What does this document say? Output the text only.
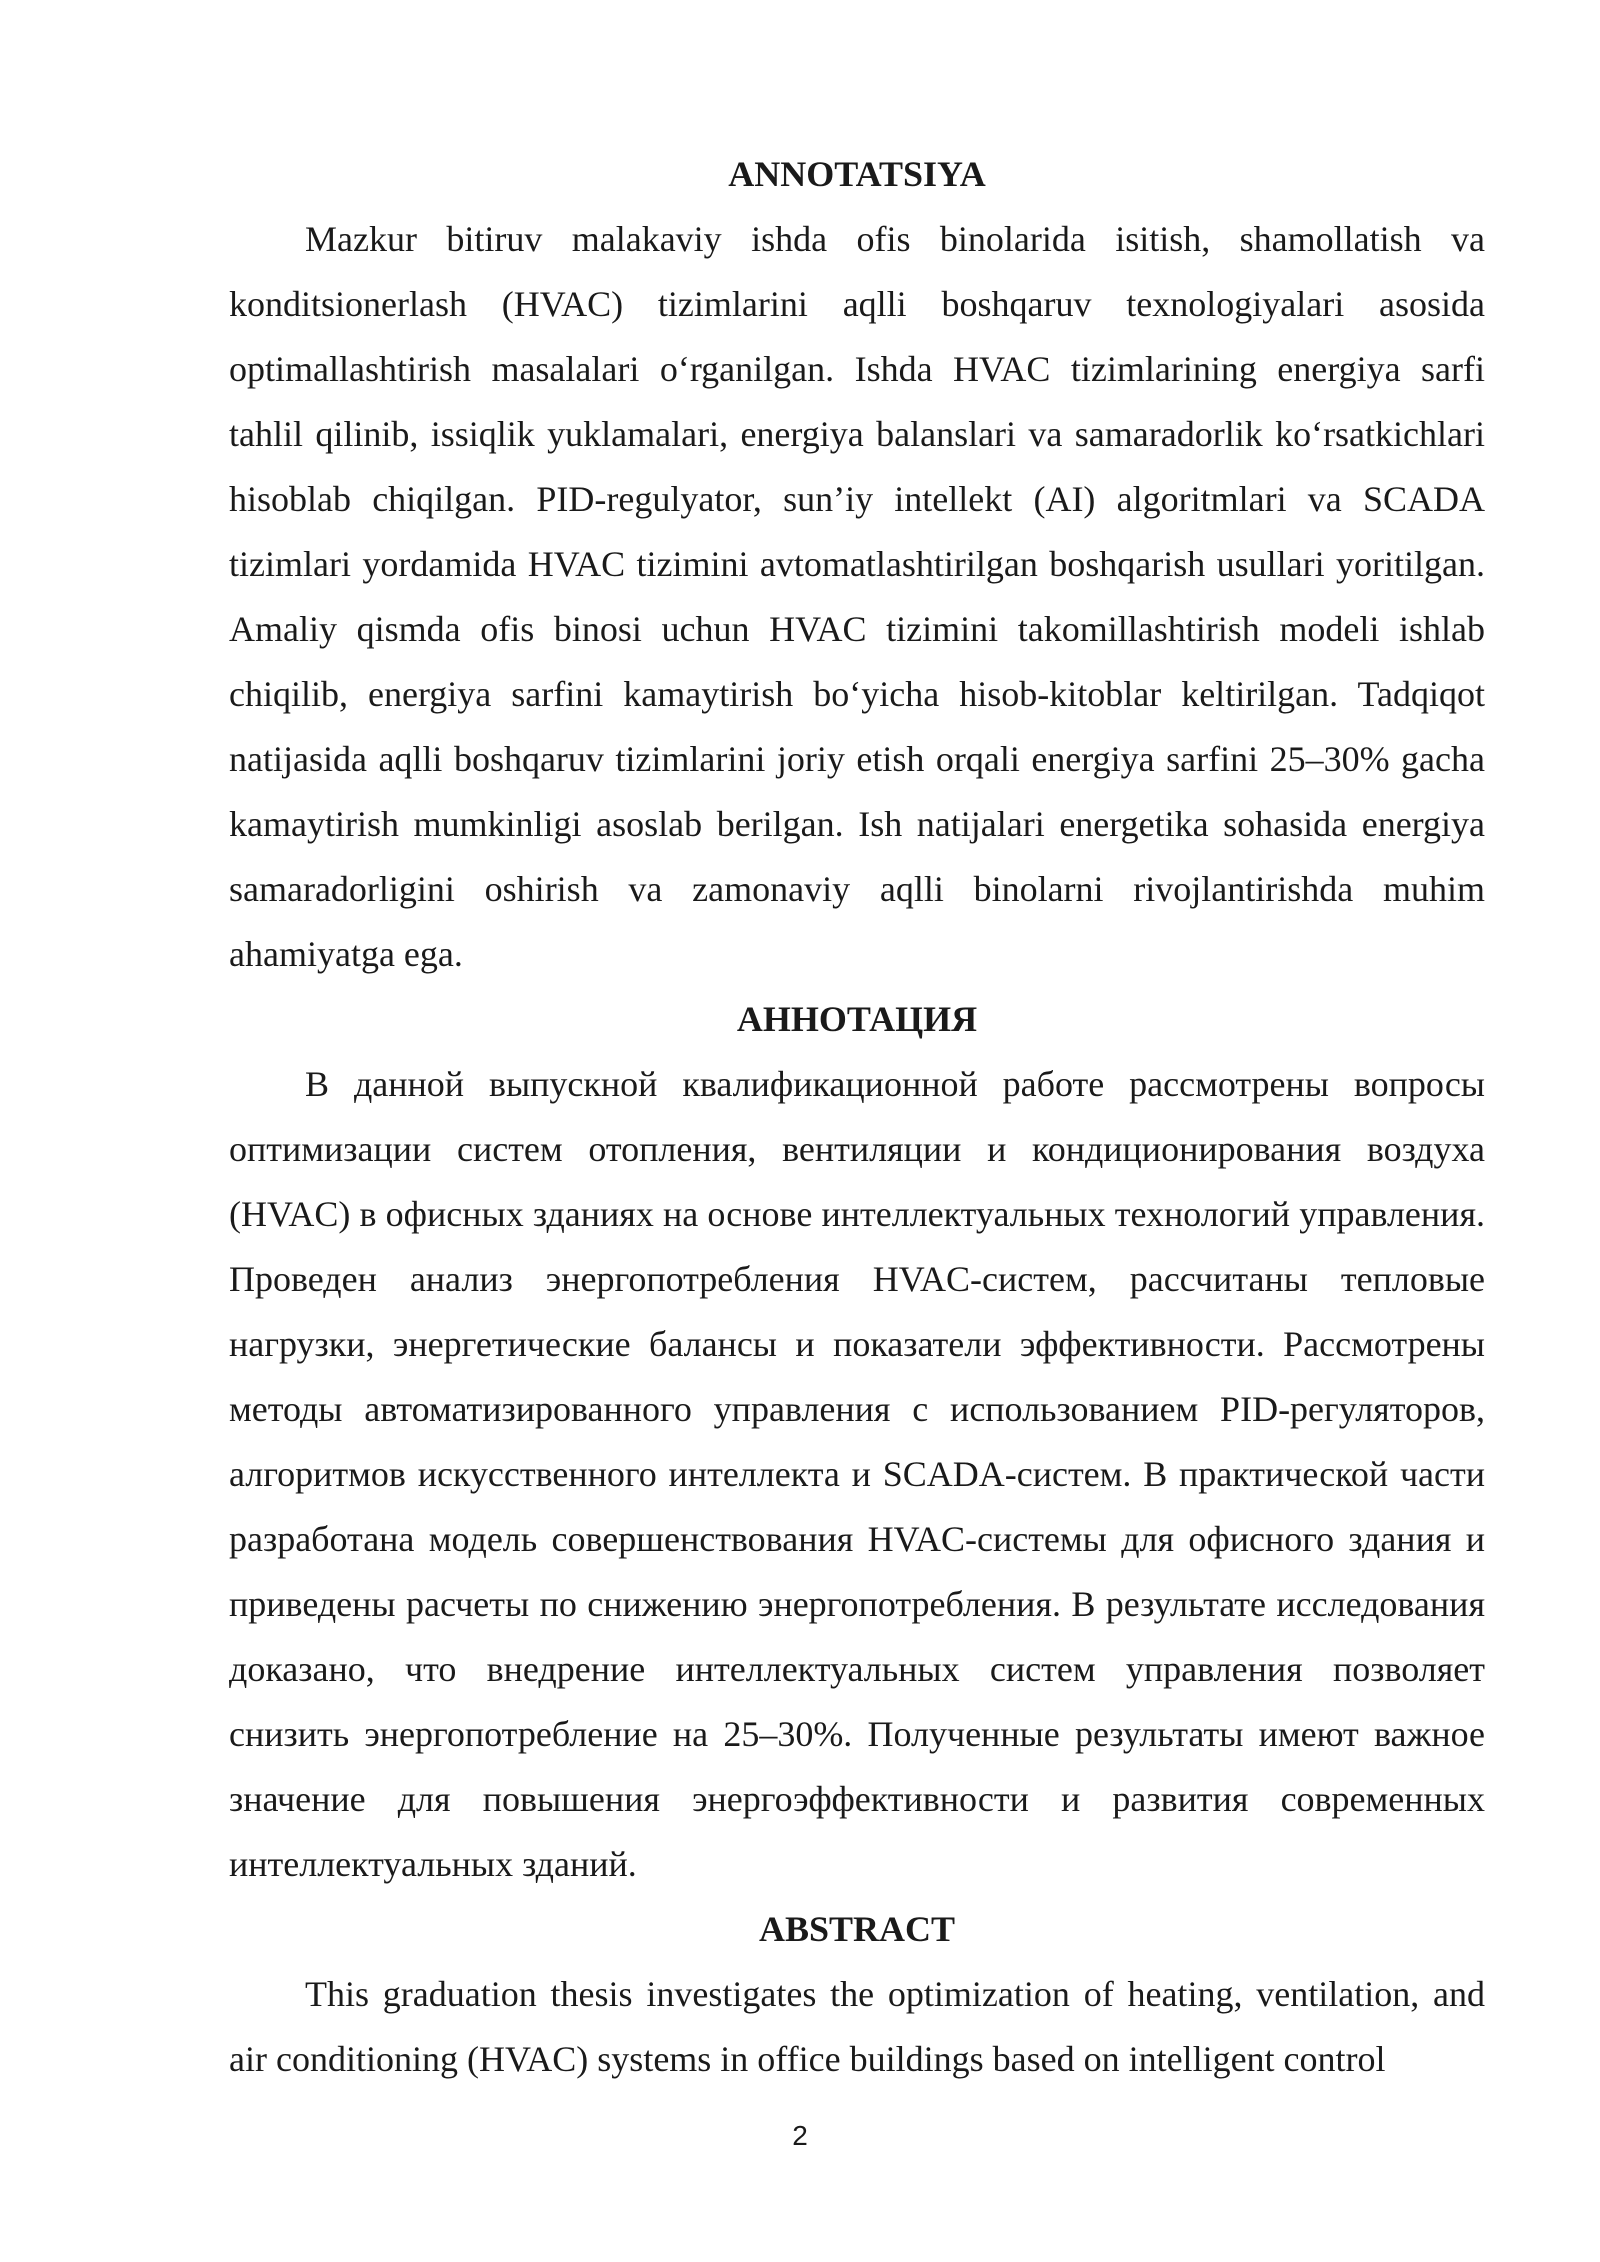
ANNOTATSIYA

Mazkur bitiruv malakaviy ishda ofis binolarida isitish, shamollatish va konditsionerlash (HVAC) tizimlarini aqlli boshqaruv texnologiyalari asosida optimallashtirish masalalari o‘rganilgan. Ishda HVAC tizimlarining energiya sarfi tahlil qilinib, issiqlik yuklamalari, energiya balanslari va samaradorlik ko‘rsatkichlari hisoblab chiqilgan. PID-regulyator, sun’iy intellekt (AI) algoritmlari va SCADA tizimlari yordamida HVAC tizimini avtomatlashtirilgan boshqarish usullari yoritilgan. Amaliy qismda ofis binosi uchun HVAC tizimini takomillashtirish modeli ishlab chiqilib, energiya sarfini kamaytirish bo‘yicha hisob-kitoblar keltirilgan. Tadqiqot natijasida aqlli boshqaruv tizimlarini joriy etish orqali energiya sarfini 25–30% gacha kamaytirish mumkinligi asoslab berilgan. Ish natijalari energetika sohasida energiya samaradorligini oshirish va zamonaviy aqlli binolarni rivojlantirishda muhim ahamiyatga ega.

АННОТАЦИЯ

В данной выпускной квалификационной работе рассмотрены вопросы оптимизации систем отопления, вентиляции и кондиционирования воздуха (HVAC) в офисных зданиях на основе интеллектуальных технологий управления. Проведен анализ энергопотребления HVAC-систем, рассчитаны тепловые нагрузки, энергетические балансы и показатели эффективности. Рассмотрены методы автоматизированного управления с использованием PID-регуляторов, алгоритмов искусственного интеллекта и SCADA-систем. В практической части разработана модель совершенствования HVAC-системы для офисного здания и приведены расчеты по снижению энергопотребления. В результате исследования доказано, что внедрение интеллектуальных систем управления позволяет снизить энергопотребление на 25–30%. Полученные результаты имеют важное значение для повышения энергоэффективности и развития современных интеллектуальных зданий.

ABSTRACT

This graduation thesis investigates the optimization of heating, ventilation, and air conditioning (HVAC) systems in office buildings based on intelligent control

2
